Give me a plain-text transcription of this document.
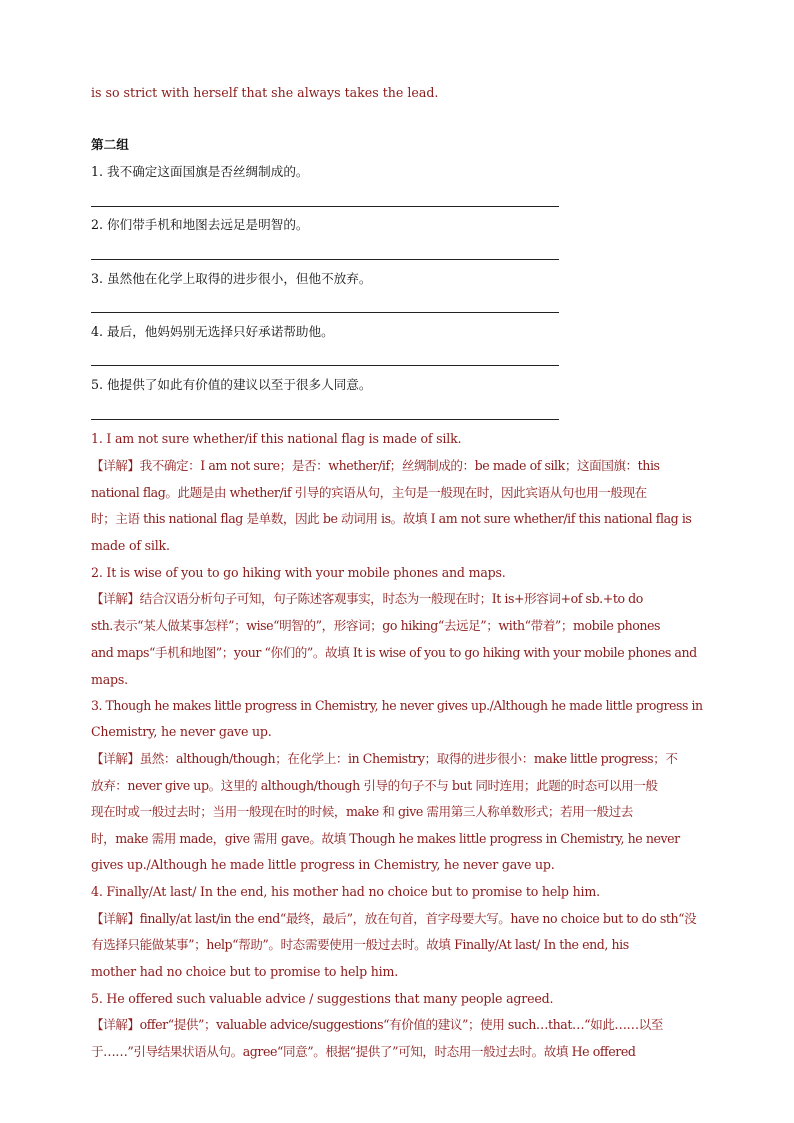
is so strict with herself that she always takes the lead.
第二组
1. 我不确定这面国旗是否丝绸制成的。
2. 你们带手机和地图去远足是明智的。
3. 虽然他在化学上取得的进步很小，但他不放弃。
4. 最后，他妈妈别无选择只好承诺帮助他。
5. 他提供了如此有价值的建议以至于很多人同意。
1. I am not sure whether/if this national flag is made of silk.
【详解】我不确定：I am not sure；是否：whether/if；丝绸制成的：be made of silk；这面国旗：this
national flag。此题是由 whether/if 引导的宾语从句，主句是一般现在时，因此宾语从句也用一般现在
时；主语 this national flag 是单数，因此 be 动词用 is。故填 I am not sure whether/if this national flag is
made of silk.
2. It is wise of you to go hiking with your mobile phones and maps.
【详解】结合汉语分析句子可知，句子陈述客观事实，时态为一般现在时；It is+形容词+of sb.+to do
sth.表示“某人做某事怎样”；wise“明智的”，形容词；go hiking“去远足”；with“带着”；mobile phones
and maps“手机和地图”；your “你们的”。故填 It is wise of you to go hiking with your mobile phones and
maps.
3. Though he makes little progress in Chemistry, he never gives up./Although he made little progress in
Chemistry, he never gave up.
【详解】虽然：although/though；在化学上：in Chemistry；取得的进步很小：make little progress；不
放弃：never give up。这里的 although/though 引导的句子不与 but 同时连用；此题的时态可以用一般
现在时或一般过去时；当用一般现在时的时候，make 和 give 需用第三人称单数形式；若用一般过去
时，make 需用 made，give 需用 gave。故填 Though he makes little progress in Chemistry, he never
gives up./Although he made little progress in Chemistry, he never gave up.
4. Finally/At last/ In the end, his mother had no choice but to promise to help him.
【详解】finally/at last/in the end“最终，最后”，放在句首，首字母要大写。have no choice but to do sth“没
有选择只能做某事”；help“帮助”。时态需要使用一般过去时。故填 Finally/At last/ In the end, his
mother had no choice but to promise to help him.
5. He offered such valuable advice / suggestions that many people agreed.
【详解】offer“提供”；valuable advice/suggestions“有价值的建议”；使用 such…that…“如此……以至
于……”引导结果状语从句。agree“同意”。根据“提供了”可知，时态用一般过去时。故填 He offered
